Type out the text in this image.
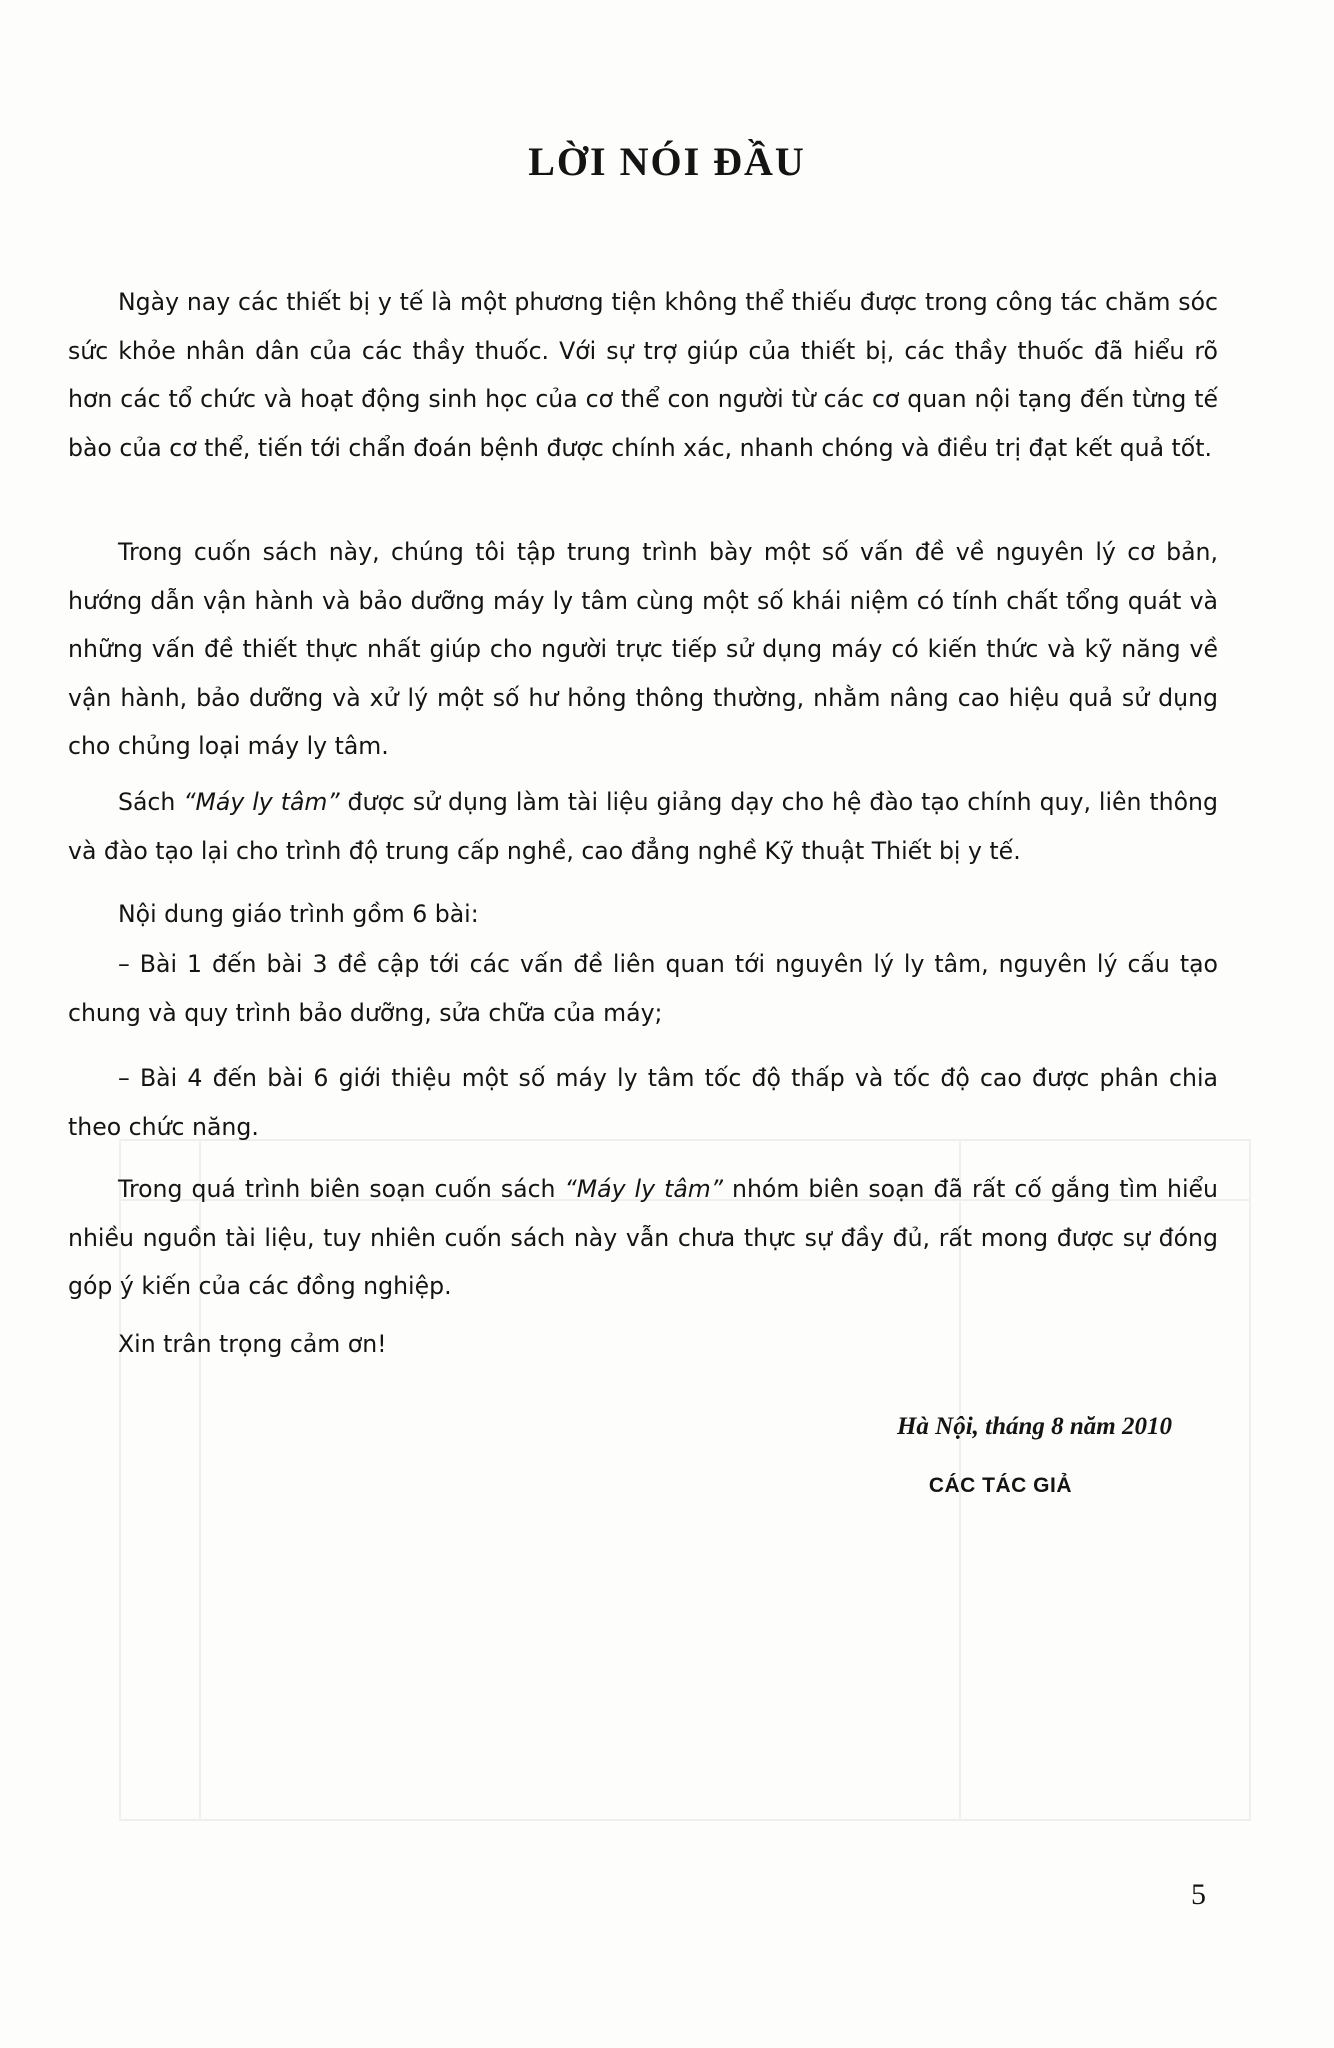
LỜI NÓI ĐẦU

Ngày nay các thiết bị y tế là một phương tiện không thể thiếu được trong công tác chăm sóc sức khỏe nhân dân của các thầy thuốc. Với sự trợ giúp của thiết bị, các thầy thuốc đã hiểu rõ hơn các tổ chức và hoạt động sinh học của cơ thể con người từ các cơ quan nội tạng đến từng tế bào của cơ thể, tiến tới chẩn đoán bệnh được chính xác, nhanh chóng và điều trị đạt kết quả tốt.

Trong cuốn sách này, chúng tôi tập trung trình bày một số vấn đề về nguyên lý cơ bản, hướng dẫn vận hành và bảo dưỡng máy ly tâm cùng một số khái niệm có tính chất tổng quát và những vấn đề thiết thực nhất giúp cho người trực tiếp sử dụng máy có kiến thức và kỹ năng về vận hành, bảo dưỡng và xử lý một số hư hỏng thông thường, nhằm nâng cao hiệu quả sử dụng cho chủng loại máy ly tâm.

Sách “Máy ly tâm” được sử dụng làm tài liệu giảng dạy cho hệ đào tạo chính quy, liên thông và đào tạo lại cho trình độ trung cấp nghề, cao đẳng nghề Kỹ thuật Thiết bị y tế.

Nội dung giáo trình gồm 6 bài:

– Bài 1 đến bài 3 đề cập tới các vấn đề liên quan tới nguyên lý ly tâm, nguyên lý cấu tạo chung và quy trình bảo dưỡng, sửa chữa của máy;

– Bài 4 đến bài 6 giới thiệu một số máy ly tâm tốc độ thấp và tốc độ cao được phân chia theo chức năng.

Trong quá trình biên soạn cuốn sách “Máy ly tâm” nhóm biên soạn đã rất cố gắng tìm hiểu nhiều nguồn tài liệu, tuy nhiên cuốn sách này vẫn chưa thực sự đầy đủ, rất mong được sự đóng góp ý kiến của các đồng nghiệp.

Xin trân trọng cảm ơn!

Hà Nội, tháng 8 năm 2010
CÁC TÁC GIẢ
5
